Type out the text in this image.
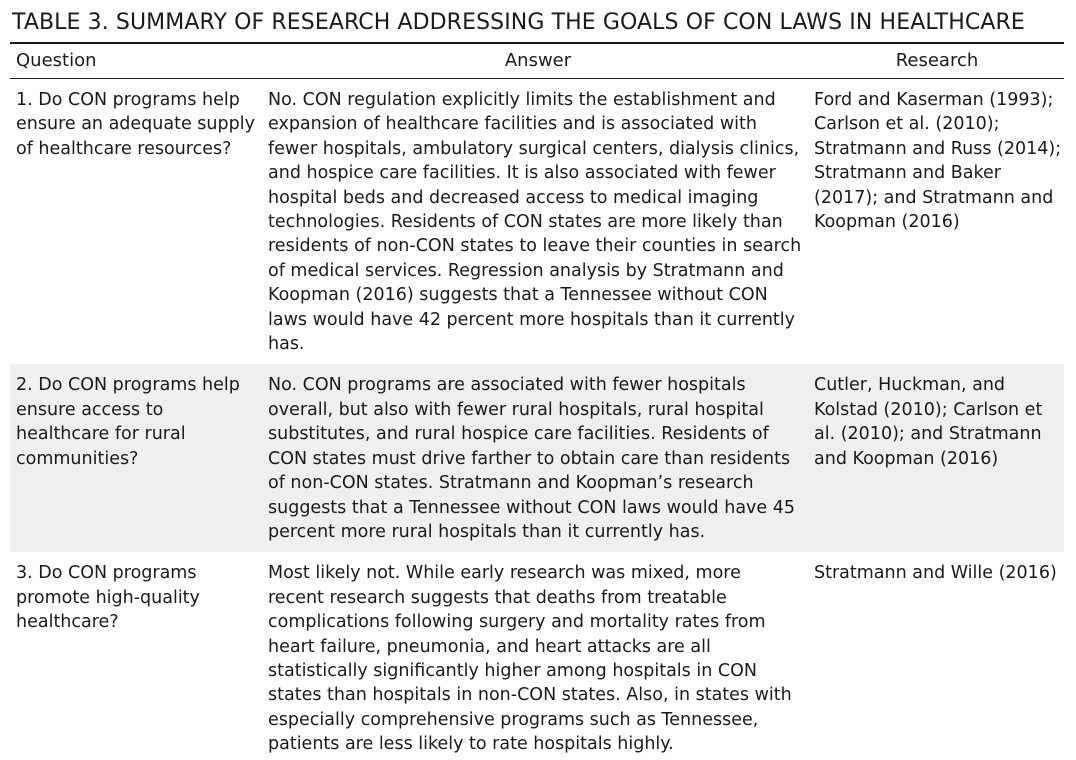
TABLE 3. SUMMARY OF RESEARCH ADDRESSING THE GOALS OF CON LAWS IN HEALTHCARE
Question	Answer	Research
1. Do CON programs help ensure an adequate supply of healthcare resources?	No. CON regulation explicitly limits the establishment and expansion of healthcare facilities and is associated with fewer hospitals, ambulatory surgical centers, dialysis clinics, and hospice care facilities. It is also associated with fewer hospital beds and decreased access to medical imaging technologies. Residents of CON states are more likely than residents of non-CON states to leave their counties in search of medical services. Regression analysis by Stratmann and Koopman (2016) suggests that a Tennessee without CON laws would have 42 percent more hospitals than it currently has.	Ford and Kaserman (1993); Carlson et al. (2010); Stratmann and Russ (2014); Stratmann and Baker (2017); and Stratmann and Koopman (2016)
2. Do CON programs help ensure access to healthcare for rural communities?	No. CON programs are associated with fewer hospitals overall, but also with fewer rural hospitals, rural hospital substitutes, and rural hospice care facilities. Residents of CON states must drive farther to obtain care than residents of non-CON states. Stratmann and Koopman’s research suggests that a Tennessee without CON laws would have 45 percent more rural hospitals than it currently has.	Cutler, Huckman, and Kolstad (2010); Carlson et al. (2010); and Stratmann and Koopman (2016)
3. Do CON programs promote high-quality healthcare?	Most likely not. While early research was mixed, more recent research suggests that deaths from treatable complications following surgery and mortality rates from heart failure, pneumonia, and heart attacks are all statistically significantly higher among hospitals in CON states than hospitals in non-CON states. Also, in states with especially comprehensive programs such as Tennessee, patients are less likely to rate hospitals highly.	Stratmann and Wille (2016)
